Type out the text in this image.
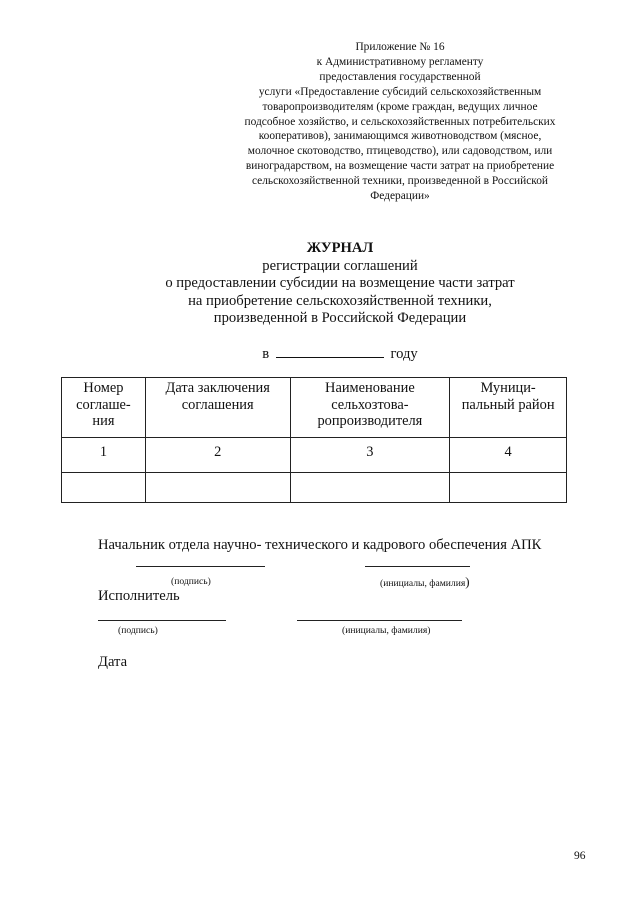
Приложение № 16
к Административному регламенту
предоставления государственной
услуги «Предоставление субсидий сельскохозяйственным
товаропроизводителям (кроме граждан, ведущих личное
подсобное хозяйство, и сельскохозяйственных потребительских
кооперативов), занимающимся животноводством (мясное,
молочное скотоводство, птицеводство), или садоводством, или
виноградарством, на возмещение части затрат на приобретение
сельскохозяйственной техники, произведенной в Российской
Федерации»
ЖУРНАЛ
регистрации соглашений
о предоставлении субсидии на возмещение части затрат
на приобретение сельскохозяйственной техники,
произведенной в Российской Федерации
в	году
Номер соглаше- ния	Дата заключения соглашения	Наименование сельхозтова- ропроизводителя	Муници- пальный район
1	2	3	4

Начальник отдела научно- технического и кадрового обеспечения АПК
(подпись)	(инициалы, фамилия)
Исполнитель
(подпись)	(инициалы, фамилия)
Дата
96
